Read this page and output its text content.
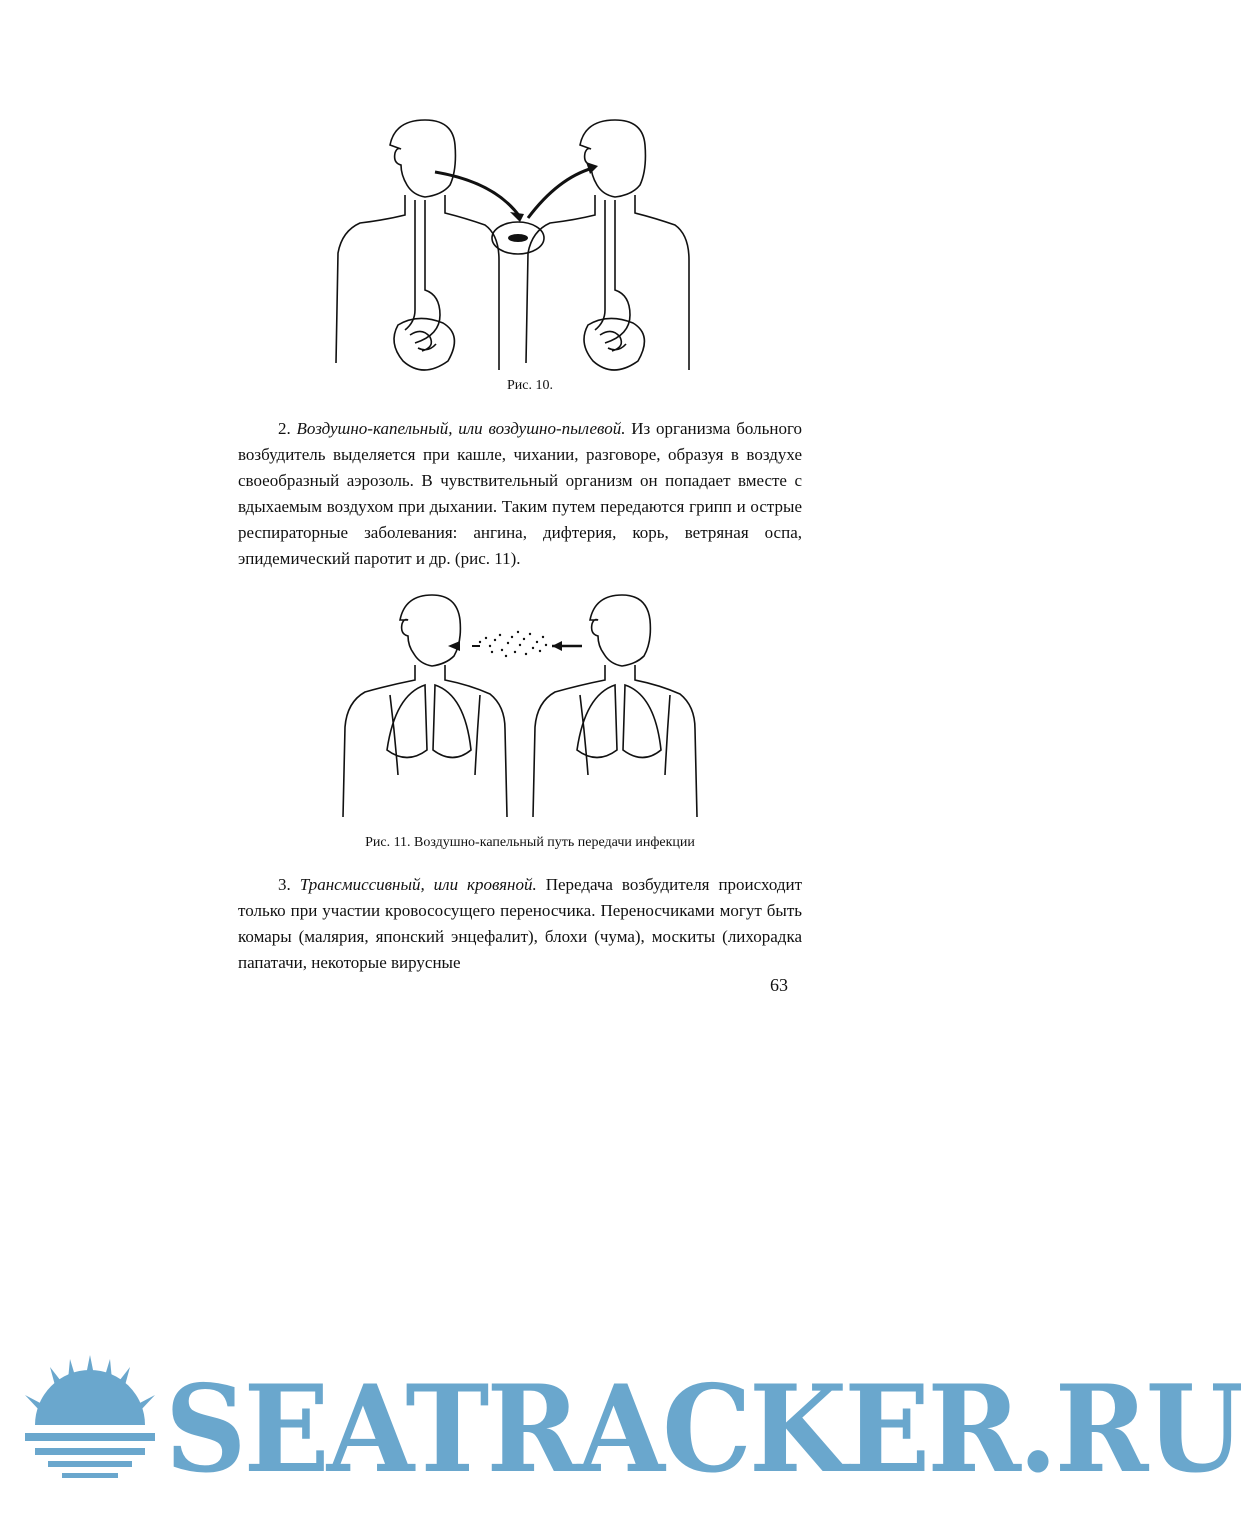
Рис. 10.

2. Воздушно-капельный, или воздушно-пылевой. Из организма больного возбудитель выделяется при кашле, чихании, разговоре, образуя в воздухе своеобразный аэрозоль. В чувствительный организм он попадает вместе с вдыхаемым воздухом при дыхании. Таким путем передаются грипп и острые респираторные заболевания: ангина, дифтерия, корь, ветряная оспа, эпидемический паротит и др. (рис. 11).

Рис. 11. Воздушно-капельный путь передачи инфекции

3. Трансмиссивный, или кровяной. Передача возбудителя происходит только при участии кровососущего переносчика. Переносчиками могут быть комары (малярия, японский энцефалит), блохи (чума), москиты (лихорадка папатачи, некоторые вирусные

63
SEATRACKER.RU
